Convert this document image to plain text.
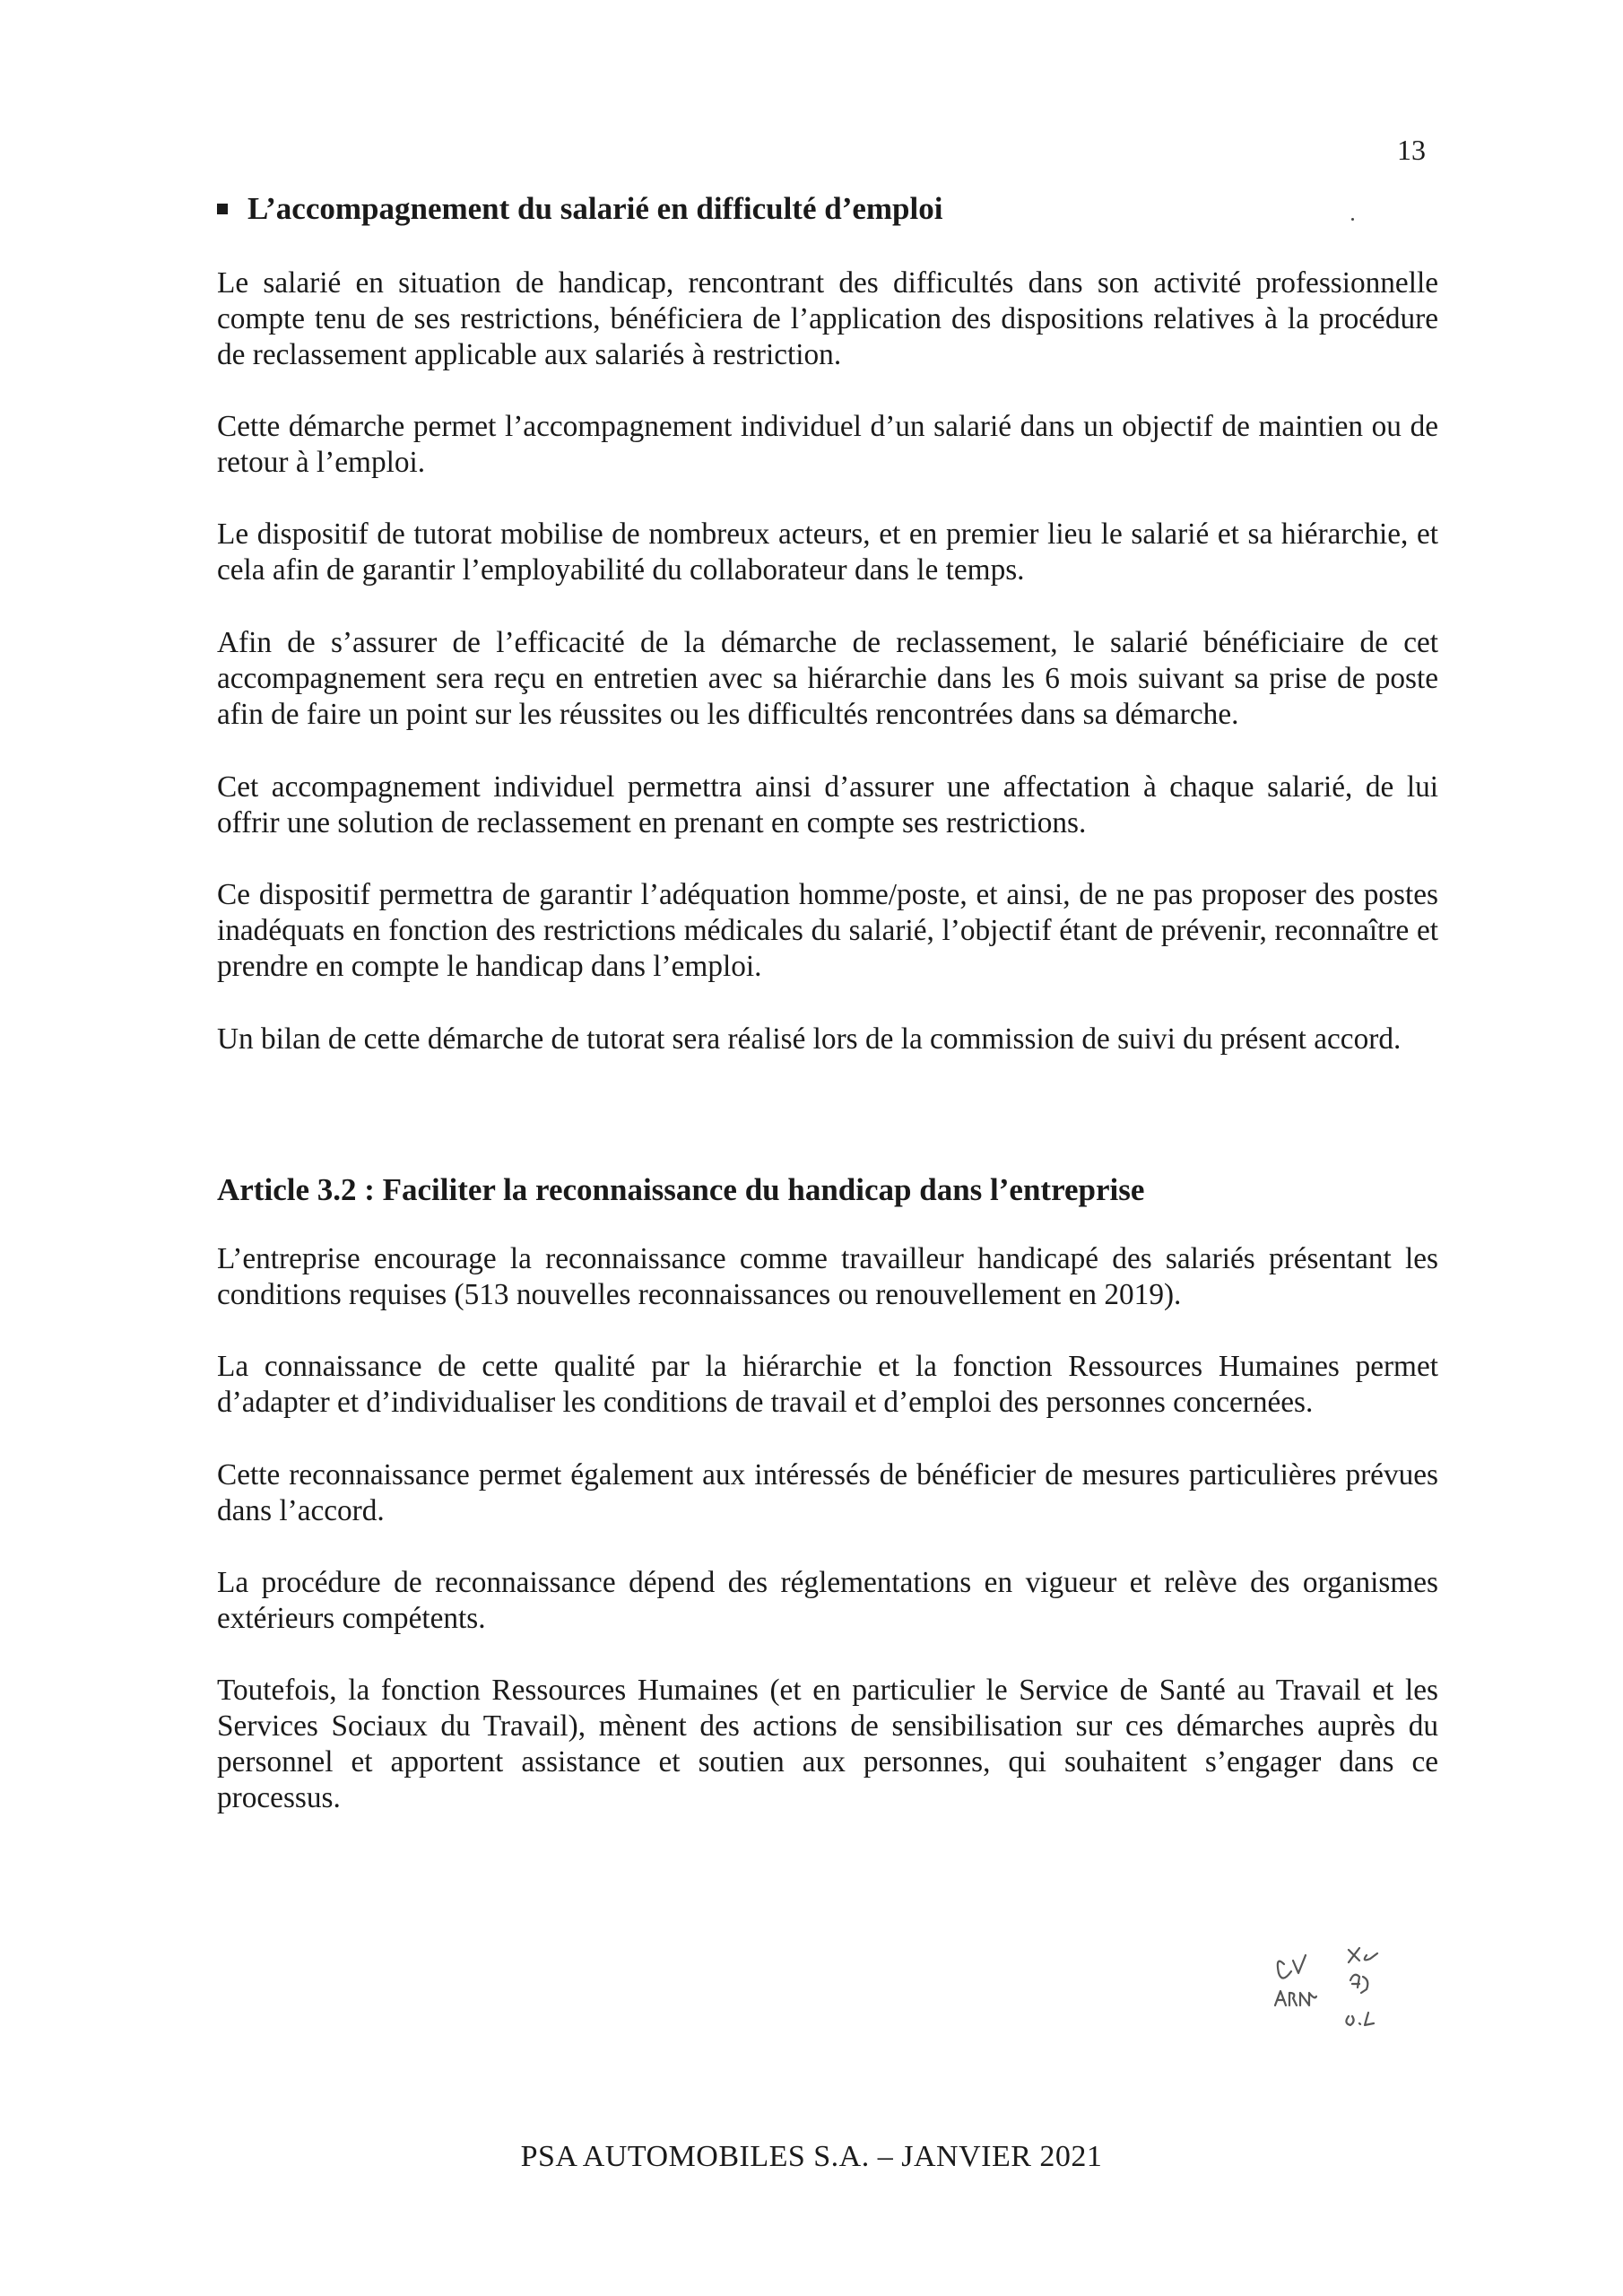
13
L’accompagnement du salarié en difficulté d’emploi

Le salarié en situation de handicap, rencontrant des difficultés dans son activité professionnelle compte tenu de ses restrictions, bénéficiera de l’application des dispositions relatives à la procédure de reclassement applicable aux salariés à restriction.

Cette démarche permet l’accompagnement individuel d’un salarié dans un objectif de maintien ou de retour à l’emploi.

Le dispositif de tutorat mobilise de nombreux acteurs, et en premier lieu le salarié et sa hiérarchie, et cela afin de garantir l’employabilité du collaborateur dans le temps.

Afin de s’assurer de l’efficacité de la démarche de reclassement, le salarié bénéficiaire de cet accompagnement sera reçu en entretien avec sa hiérarchie dans les 6 mois suivant sa prise de poste afin de faire un point sur les réussites ou les difficultés rencontrées dans sa démarche.

Cet accompagnement individuel permettra ainsi d’assurer une affectation à chaque salarié, de lui offrir une solution de reclassement en prenant en compte ses restrictions.

Ce dispositif permettra de garantir l’adéquation homme/poste, et ainsi, de ne pas proposer des postes inadéquats en fonction des restrictions médicales du salarié, l’objectif étant de prévenir, reconnaître et prendre en compte le handicap dans l’emploi.

Un bilan de cette démarche de tutorat sera réalisé lors de la commission de suivi du présent accord.

Article 3.2 : Faciliter la reconnaissance du handicap dans l’entreprise

L’entreprise encourage la reconnaissance comme travailleur handicapé des salariés présentant les conditions requises (513 nouvelles reconnaissances ou renouvellement en 2019).

La connaissance de cette qualité par la hiérarchie et la fonction Ressources Humaines permet d’adapter et d’individualiser les conditions de travail et d’emploi des personnes concernées.

Cette reconnaissance permet également aux intéressés de bénéficier de mesures particulières prévues dans l’accord.

La procédure de reconnaissance dépend des réglementations en vigueur et relève des organismes extérieurs compétents.

Toutefois, la fonction Ressources Humaines (et en particulier le Service de Santé au Travail et les Services Sociaux du Travail), mènent des actions de sensibilisation sur ces démarches auprès du personnel et apportent assistance et soutien aux personnes, qui souhaitent s’engager dans ce processus.

PSA AUTOMOBILES S.A. – JANVIER 2021
